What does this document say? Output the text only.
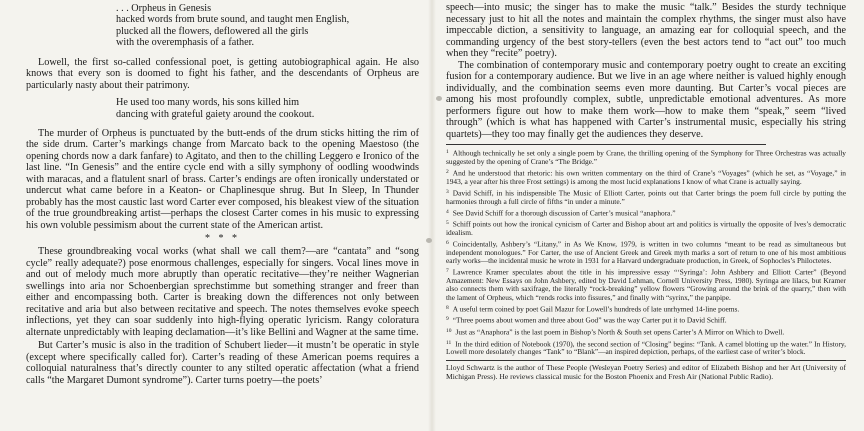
. . . Orpheus in Genesis
hacked words from brute sound, and taught men English,
plucked all the flowers, deflowered all the girls
with the overemphasis of a father.

Lowell, the first so-called confessional poet, is getting autobiographical again. He also knows that every son is doomed to fight his father, and the descendants of Orpheus are particularly nasty about their patrimony.

He used too many words, his sons killed him
dancing with grateful gaiety around the cookout.

The murder of Orpheus is punctuated by the butt-ends of the drum sticks hitting the rim of the side drum. Carter’s markings change from Marcato back to the opening Maestoso (the opening chords now a dark fanfare) to Agitato, and then to the chilling Leggero e Ironico of the last line. “In Genesis” and the entire cycle end with a silly symphony of oodling woodwinds with maracas, and a flatulent snarl of brass. Carter’s endings are often ironically understated or undercut what came before in a Keaton- or Chaplinesque shrug. But In Sleep, In Thunder probably has the most caustic last word Carter ever composed, his bleakest view of the situation of the true groundbreaking artist—perhaps the closest Carter comes in his music to expressing his own voluble pessimism about the current state of the American artist.

* * *

These groundbreaking vocal works (what shall we call them?—are “cantata” and “song cycle” really adequate?) pose enormous challenges, especially for singers. Vocal lines move in and out of melody much more abruptly than operatic recitative—they’re neither Wagnerian swellings into aria nor Schoenbergian sprechstimme but something stranger and freer than either and encompassing both. Carter is breaking down the differences not only between recitative and aria but also between recitative and speech. The notes themselves evoke speech inflections, yet they can soar suddenly into high-flying operatic lyricism. Rangy coloratura alternate unpredictably with leaping declamation—it’s like Bellini and Wagner at the same time.

But Carter’s music is also in the tradition of Schubert lieder—it mustn’t be operatic in style (except where specifically called for). Carter’s reading of these American poems requires a colloquial naturalness that’s directly counter to any stilted operatic affectation (what a friend calls “the Margaret Dumont syndrome”). Carter turns poetry—the poets’

speech—into music; the singer has to make the music “talk.” Besides the sturdy technique necessary just to hit all the notes and maintain the complex rhythms, the singer must also have impeccable diction, a sensitivity to language, an amazing ear for colloquial speech, and the commanding urgency of the best story-tellers (even the best actors tend to “act out” too much when they “recite” poetry).

The combination of contemporary music and contemporary poetry ought to create an exciting fusion for a contemporary audience. But we live in an age where neither is valued highly enough individually, and the combination seems even more daunting. But Carter’s vocal pieces are among his most profoundly complex, subtle, unpredictable emotional adventures. As more performers figure out how to make them work—how to make them “speak,” seem “lived through” (which is what has happened with Carter’s instrumental music, especially his string quartets)—they too may finally get the audiences they deserve.

$^1$ Although technically he set only a single poem by Crane, the thrilling opening of the Symphony for Three Orchestras was actually suggested by the opening of Crane’s “The Bridge.”

$^2$ And he understood that rhetoric: his own written commentary on the third of Crane’s “Voyages” (which he set, as “Voyage,” in 1943, a year after his three Frost settings) is among the most lucid explanations I know of what Crane is actually saying.

$^3$ David Schiff, in his indispensible The Music of Elliott Carter, points out that Carter brings the poem full circle by putting the harmonies through a full circle of fifths “in under a minute.”

$^4$ See David Schiff for a thorough discussion of Carter’s musical “anaphora.”

$^5$ Schiff points out how the ironical cynicism of Carter and Bishop about art and politics is virtually the opposite of Ives’s democratic idealism.

$^6$ Coincidentally, Ashbery’s “Litany,” in As We Know, 1979, is written in two columns “meant to be read as simultaneous but independent monologues.” For Carter, the use of Ancient Greek and Greek myth marks a sort of return to one of his most ambitious early works—the incidental music he wrote in 1931 for a Harvard undergraduate production, in Greek, of Sophocles’s Philoctetes.

$^7$ Lawrence Kramer speculates about the title in his impressive essay “‘Syringa’: John Ashbery and Elliott Carter” (Beyond Amazement: New Essays on John Ashbery, edited by David Lehman, Cornell University Press, 1980). Syringa are lilacs, but Kramer also connects them with saxifrage, the literally “rock-breaking” yellow flowers “Growing around the brink of the quarry,” then with the lament of Orpheus, which “rends rocks into fissures,” and finally with “syrinx,” the panpipe.

$^8$ A useful term coined by poet Gail Mazur for Lowell’s hundreds of late unrhymed 14-line poems.

$^9$ “Three poems about women and three about God” was the way Carter put it to David Schiff.

$^{10}$ Just as “Anaphora” is the last poem in Bishop’s North & South set opens Carter’s A Mirror on Which to Dwell.

$^{11}$ In the third edition of Notebook (1970), the second section of “Closing” begins: “Tank. A camel blotting up the water.” In History, Lowell more desolately changes “Tank” to “Blank”—an inspired depiction, perhaps, of the earliest case of writer’s block.

Lloyd Schwartz is the author of These People (Wesleyan Poetry Series) and editor of Elizabeth Bishop and her Art (University of Michigan Press). He reviews classical music for the Boston Phoenix and Fresh Air (National Public Radio).
